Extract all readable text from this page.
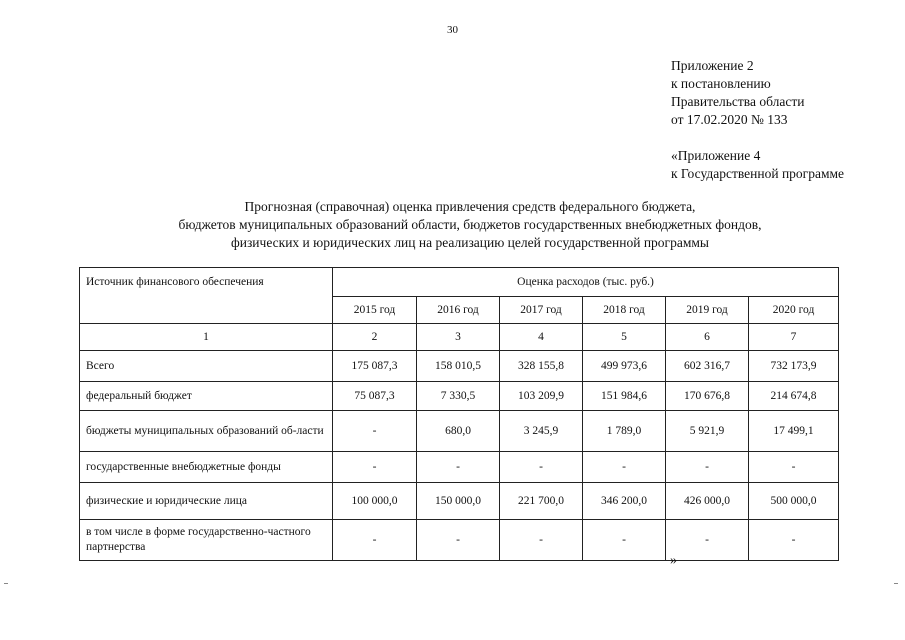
30
Приложение 2
к постановлению
Правительства области
от 17.02.2020 № 133
«Приложение 4
к Государственной программе
Прогнозная (справочная) оценка привлечения средств федерального бюджета,
бюджетов муниципальных образований области, бюджетов государственных внебюджетных фондов,
физических и юридических лиц на реализацию целей государственной программы
Источник финансового обеспечения	Оценка расходов (тыс. руб.)					
	2015 год	2016 год	2017 год	2018 год	2019 год	2020 год
1	2	3	4	5	6	7
Всего	175 087,3	158 010,5	328 155,8	499 973,6	602 316,7	732 173,9
федеральный бюджет	75 087,3	7 330,5	103 209,9	151 984,6	170 676,8	214 674,8
бюджеты муниципальных образований об-ласти	-	680,0	3 245,9	1 789,0	5 921,9	17 499,1
государственные внебюджетные фонды	-	-	-	-	-	-
физические и юридические лица	100 000,0	150 000,0	221 700,0	346 200,0	426 000,0	500 000,0
в том числе в форме государственно-частного партнерства	-	-	-	-	-	-
»
